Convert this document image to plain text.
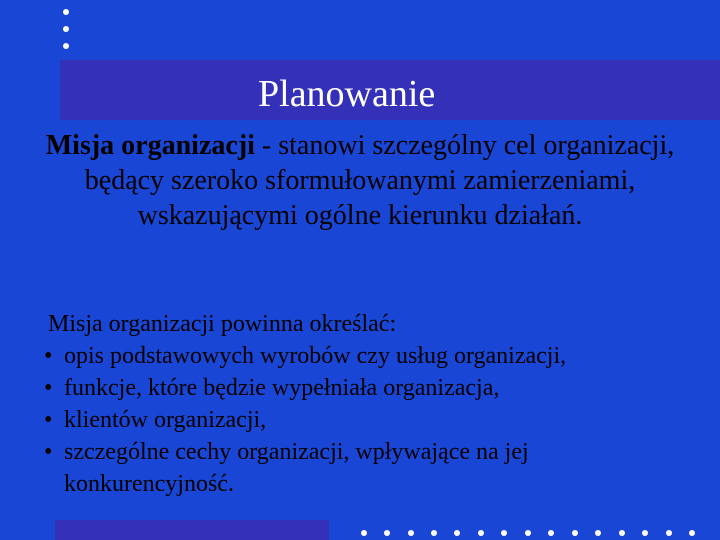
Planowanie
Misja organizacji - stanowi szczególny cel organizacji, będący szeroko sformułowanymi zamierzeniami, wskazującymi ogólne kierunku działań.
Misja organizacji powinna określać:
• opis podstawowych wyrobów czy usług organizacji,
• funkcje, które będzie wypełniała organizacja,
• klientów organizacji,
• szczególne cechy organizacji, wpływające na jej konkurencyjność.
